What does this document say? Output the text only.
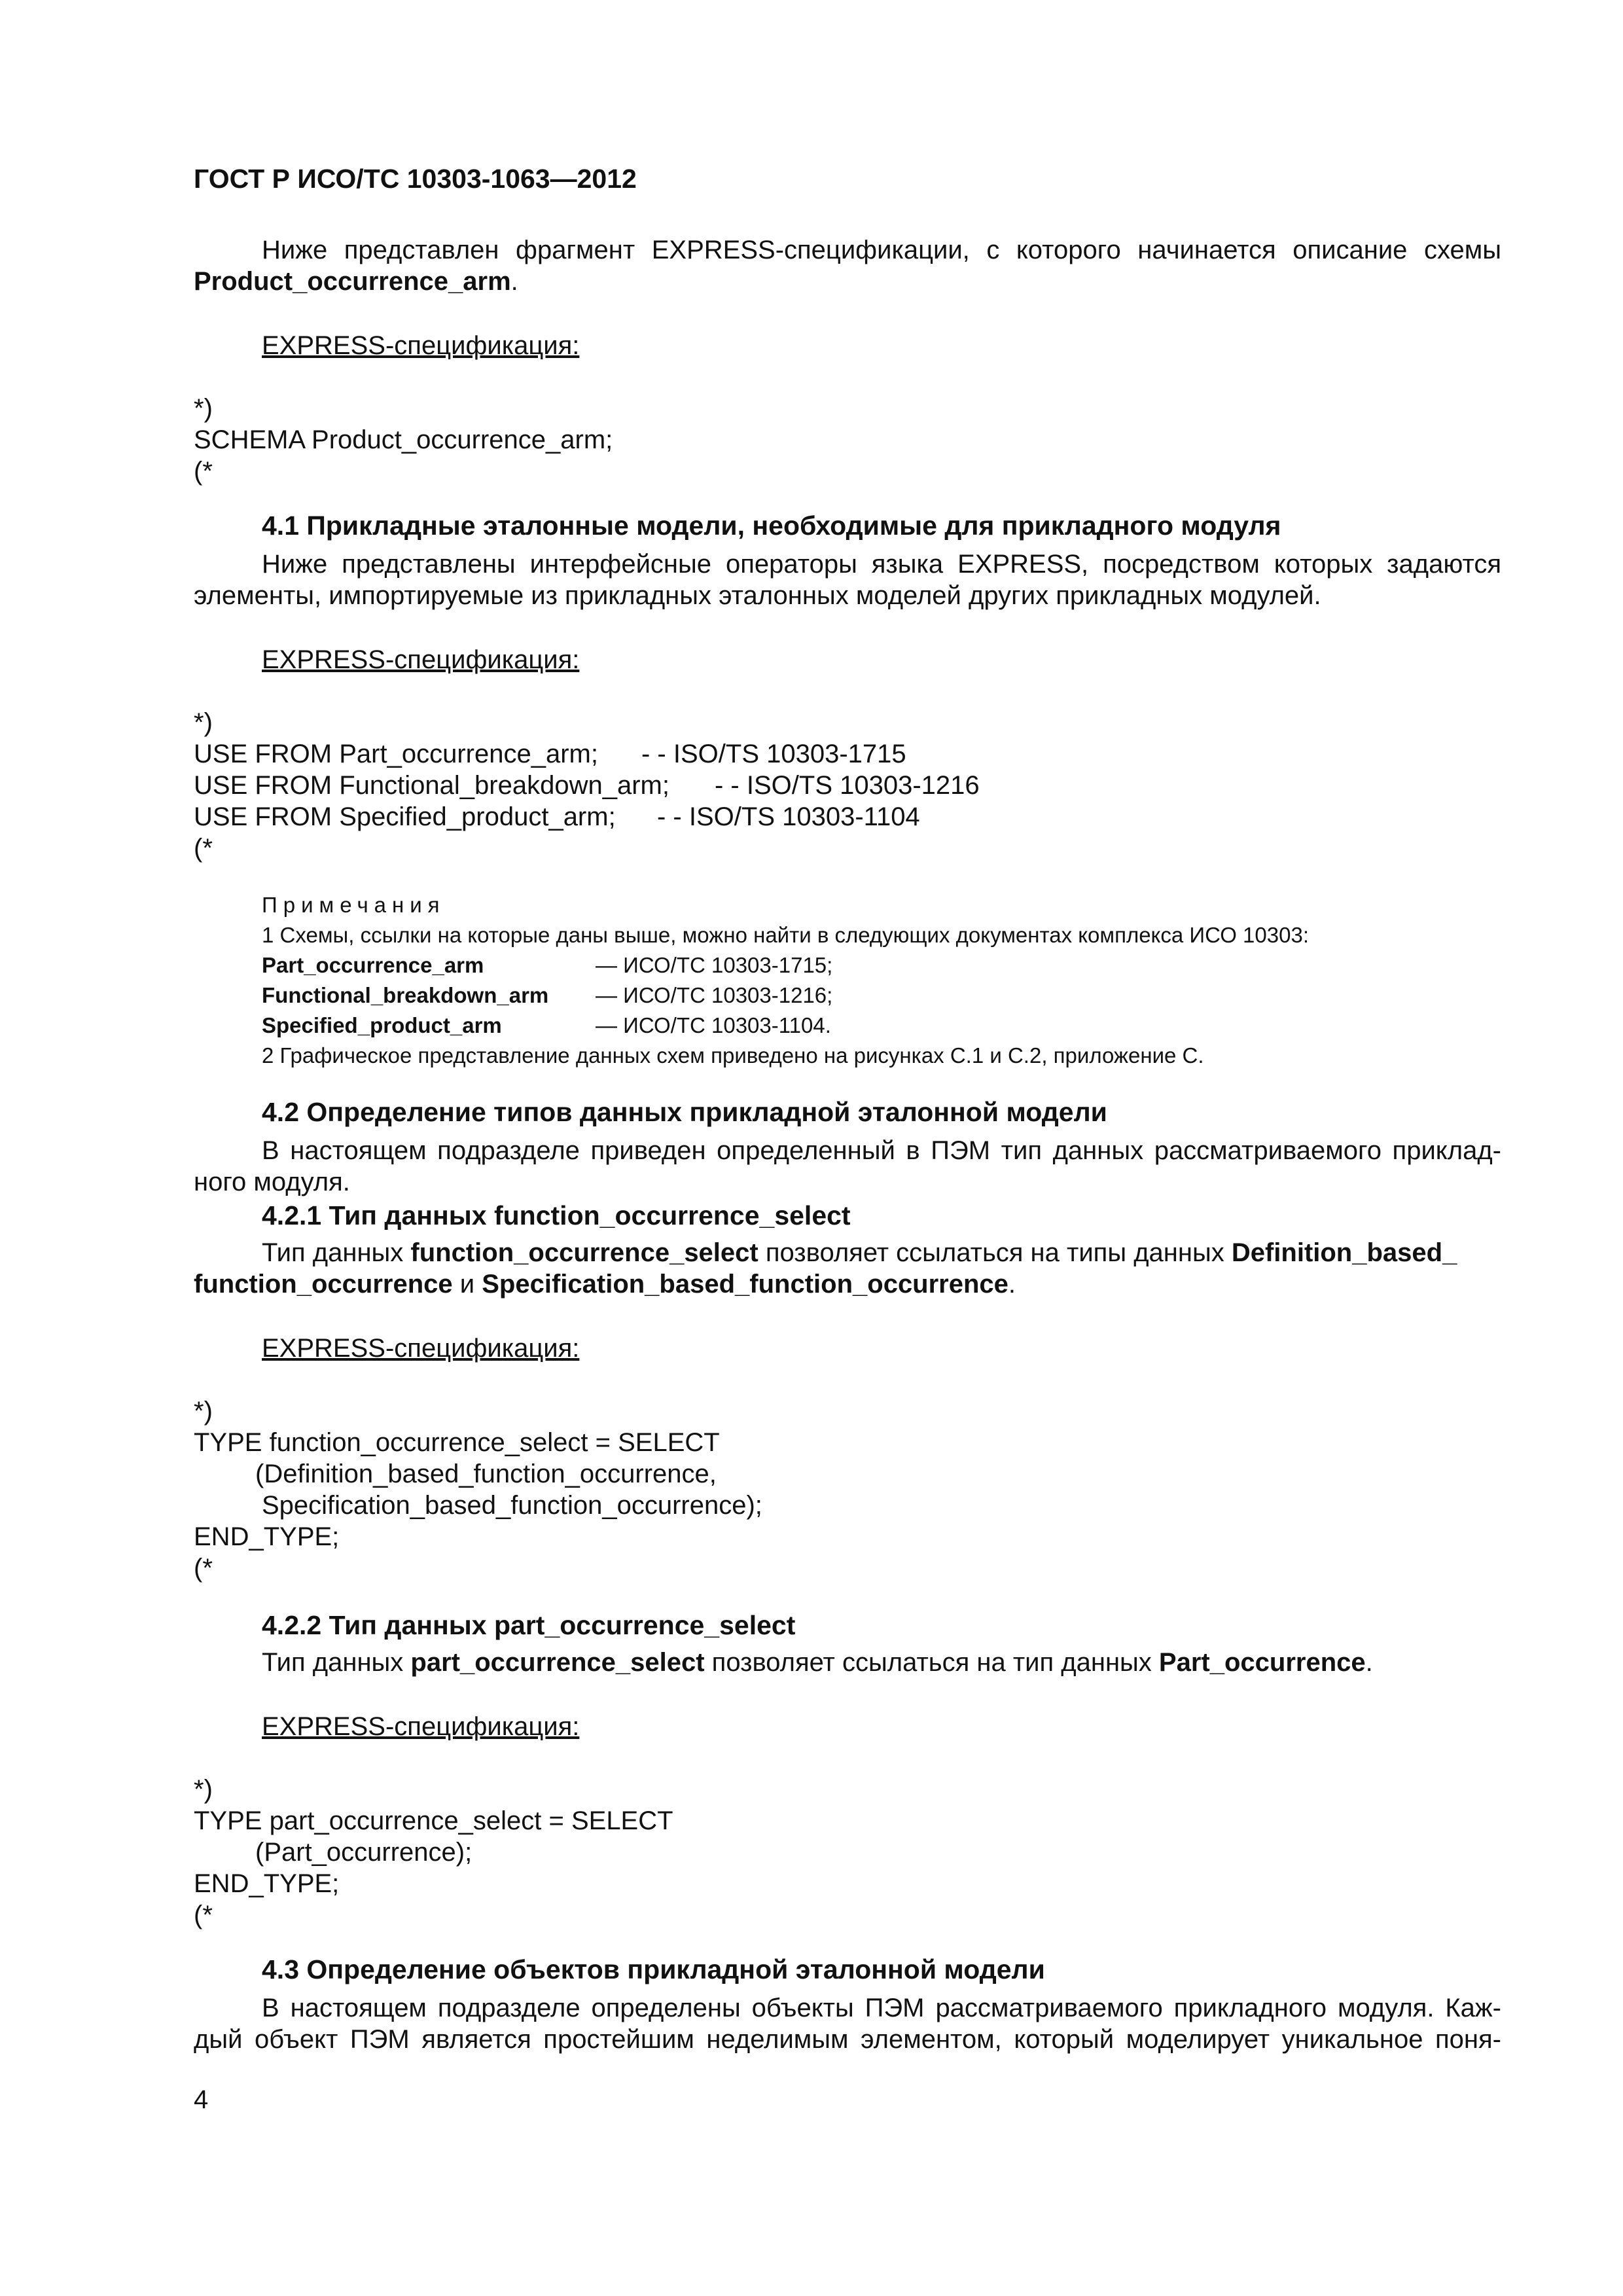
ГОСТ Р ИСО/ТС 10303-1063—2012
Ниже представлен фрагмент EXPRESS-спецификации, с которого начинается описание схемы
Product_occurrence_arm.
EXPRESS-спецификация:
*)
SCHEMA Product_occurrence_arm;
(*
4.1 Прикладные эталонные модели, необходимые для прикладного модуля
Ниже представлены интерфейсные операторы языка EXPRESS, посредством которых задаются
элементы, импортируемые из прикладных эталонных моделей других прикладных модулей.
EXPRESS-спецификация:
*)
USE FROM Part_occurrence_arm; - - ISO/TS 10303-1715
USE FROM Functional_breakdown_arm; - - ISO/TS 10303-1216
USE FROM Specified_product_arm; - - ISO/TS 10303-1104
(*
Примечания
1 Схемы, ссылки на которые даны выше, можно найти в следующих документах комплекса ИСО 10303:
Part_occurrence_arm	— ИСО/ТС 10303-1715;
Functional_breakdown_arm — ИСО/ТС 10303-1216;
Specified_product_arm	— ИСО/ТС 10303-1104.
2 Графическое представление данных схем приведено на рисунках С.1 и С.2, приложение С.
4.2 Определение типов данных прикладной эталонной модели
В настоящем подразделе приведен определенный в ПЭМ тип данных рассматриваемого приклад-
ного модуля.
4.2.1 Тип данных function_occurrence_select
Тип данных function_occurrence_select позволяет ссылаться на типы данных Definition_based_
function_occurrence и Specification_based_function_occurrence.
EXPRESS-спецификация:
*)
TYPE function_occurrence_select = SELECT
(Definition_based_function_occurrence,
Specification_based_function_occurrence);
END_TYPE;
(*
4.2.2 Тип данных part_occurrence_select
Тип данных part_occurrence_select позволяет ссылаться на тип данных Part_occurrence.
EXPRESS-спецификация:
*)
TYPE part_occurrence_select = SELECT
(Part_occurrence);
END_TYPE;
(*
4.3 Определение объектов прикладной эталонной модели
В настоящем подразделе определены объекты ПЭМ рассматриваемого прикладного модуля. Каж-
дый объект ПЭМ является простейшим неделимым элементом, который моделирует уникальное поня-
4
